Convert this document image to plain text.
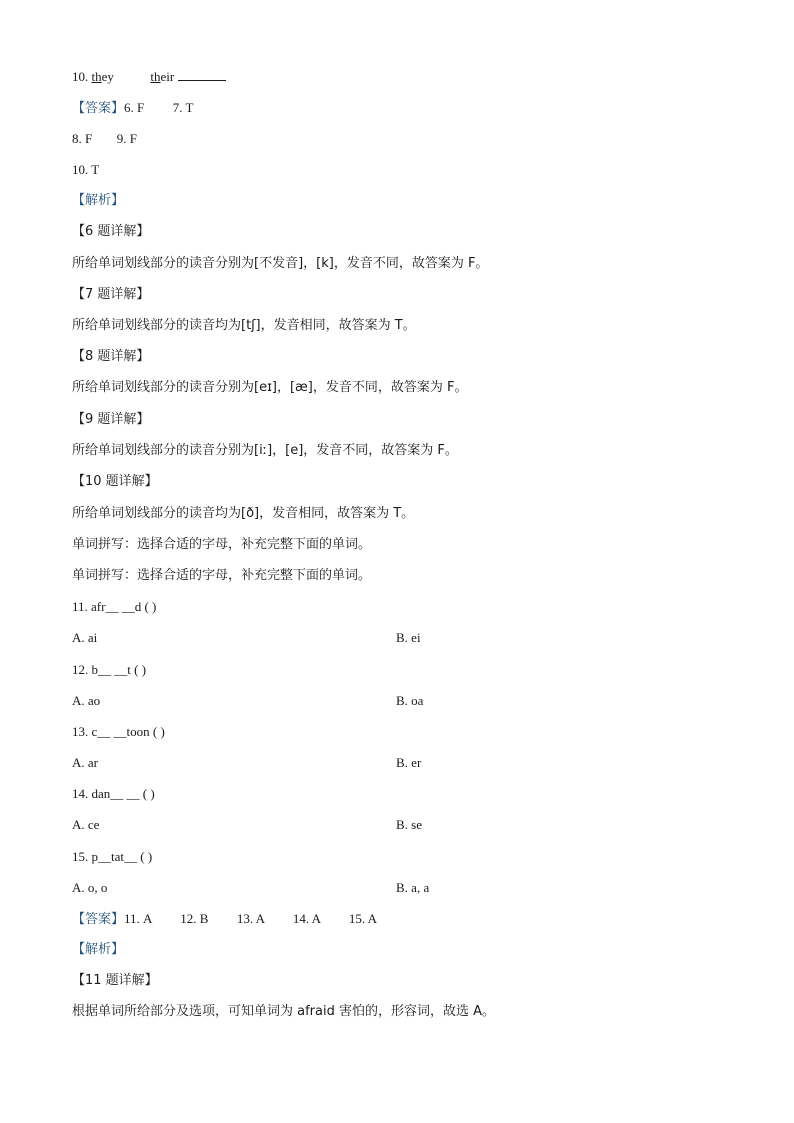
10. they	their
【答案】6. F 7. T
8. F 9. F
10. T
【解析】
【6 题详解】
所给单词划线部分的读音分别为[不发音]，[k]，发音不同，故答案为 F。
【7 题详解】
所给单词划线部分的读音均为[tʃ]，发音相同，故答案为 T。
【8 题详解】
所给单词划线部分的读音分别为[eɪ]，[æ]，发音不同，故答案为 F。
【9 题详解】
所给单词划线部分的读音分别为[iː]，[e]，发音不同，故答案为 F。
【10 题详解】
所给单词划线部分的读音均为[ð]，发音相同，故答案为 T。
单词拼写：选择合适的字母，补充完整下面的单词。
单词拼写：选择合适的字母，补充完整下面的单词。
11. afr__ __d ( )
A. ai	B. ei
12. b__ __t ( )
A. ao	B. oa
13. c__ __toon ( )
A. ar	B. er
14. dan__ __ ( )
A. ce	B. se
15. p__tat__ ( )
A. o, o	B. a, a
【答案】11. A 12. B 13. A 14. A 15. A
【解析】
【11 题详解】
根据单词所给部分及选项，可知单词为 afraid 害怕的，形容词，故选 A。
